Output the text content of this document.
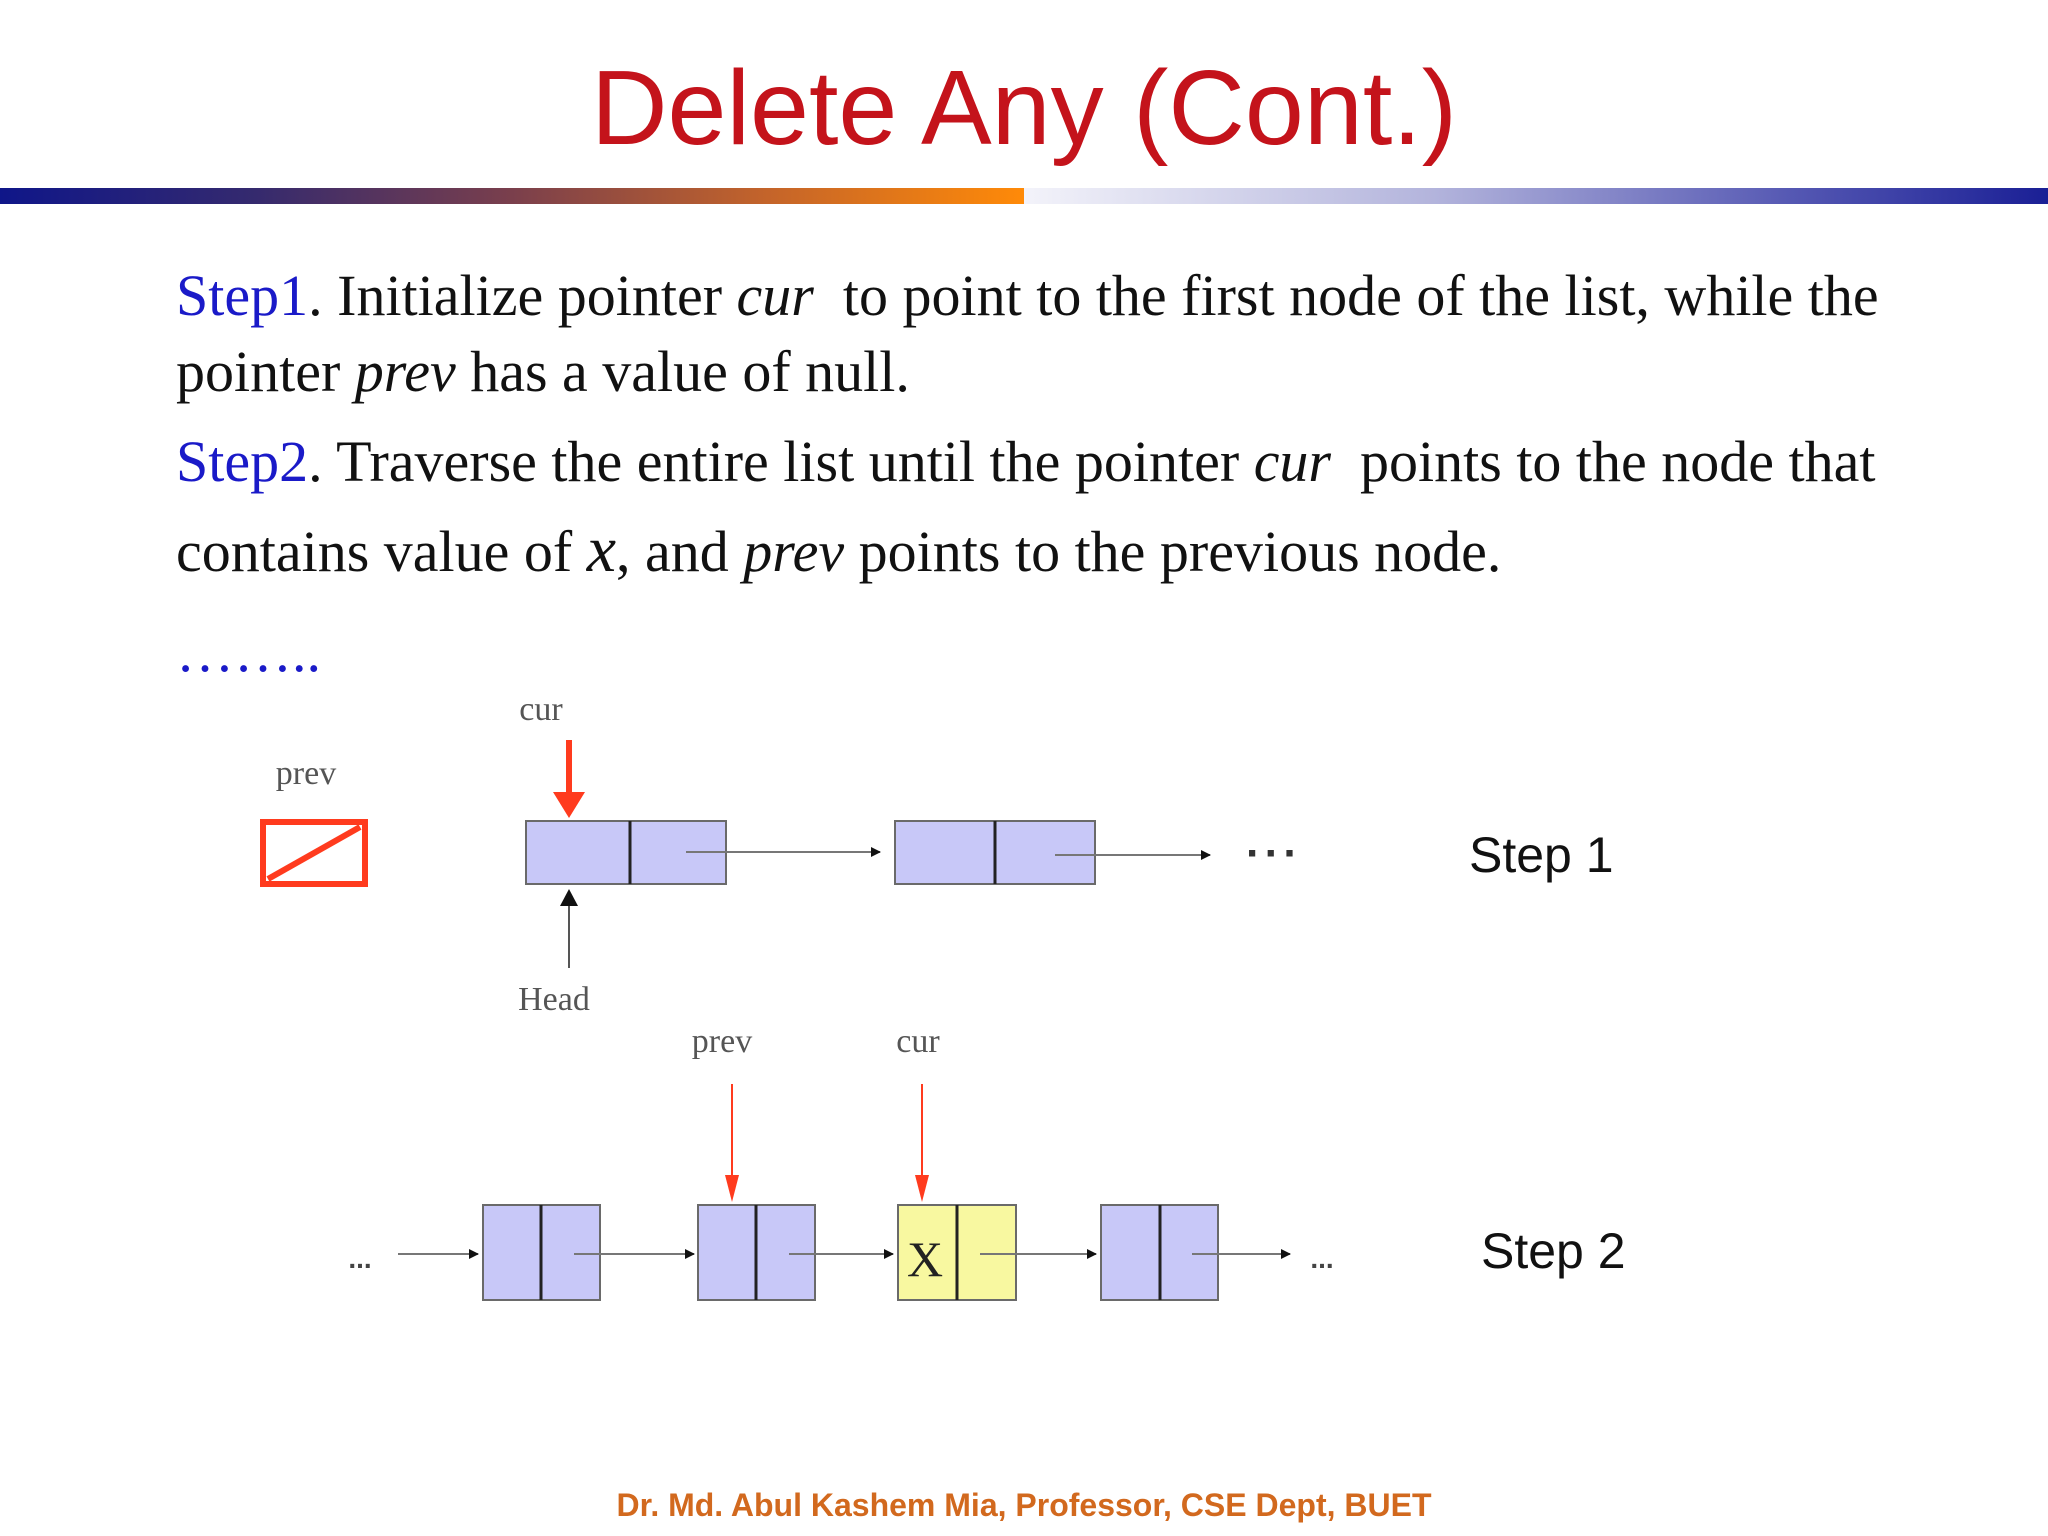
Delete Any (Cont.)
Step1. Initialize pointer cur  to point to the first node of the list, while the
pointer prev has a value of null.
Step2. Traverse the entire list until the pointer cur  points to the node that
contains value of x, and prev points to the previous node.
……..
prev
cur
···
Head
prev	cur
...	X	...
Step 1
Step 2
Dr. Md. Abul Kashem Mia, Professor, CSE Dept, BUET
